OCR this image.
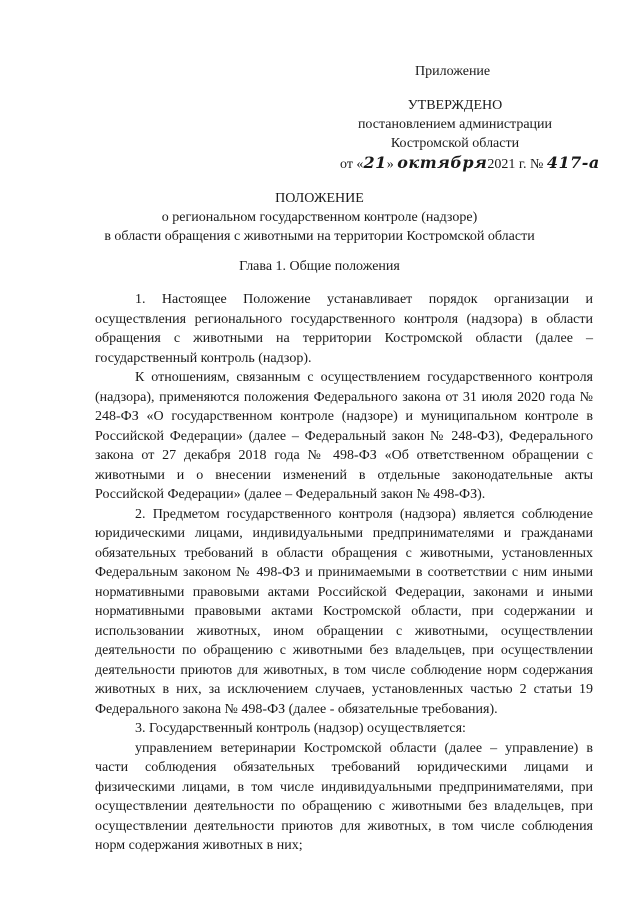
Приложение
УТВЕРЖДЕНО
постановлением администрации
Костромской области
от «21» октября2021 г. № 417-а
ПОЛОЖЕНИЕ
о региональном государственном контроле (надзоре)
в области обращения с животными на территории Костромской области
Глава 1. Общие положения

1. Настоящее Положение устанавливает порядок организации и осуществления регионального государственного контроля (надзора) в области обращения с животными на территории Костромской области (далее – государственный контроль (надзор).

К отношениям, связанным с осуществлением государственного контроля (надзора), применяются положения Федерального закона от 31 июля 2020 года № 248-ФЗ «О государственном контроле (надзоре) и муниципальном контроле в Российской Федерации» (далее – Федеральный закон № 248-ФЗ), Федерального закона от 27 декабря 2018 года № 498-ФЗ «Об ответственном обращении с животными и о внесении изменений в отдельные законодательные акты Российской Федерации» (далее – Федеральный закон № 498-ФЗ).

2. Предметом государственного контроля (надзора) является соблюдение юридическими лицами, индивидуальными предпринимателями и гражданами обязательных требований в области обращения с животными, установленных Федеральным законом № 498-ФЗ и принимаемыми в соответствии с ним иными нормативными правовыми актами Российской Федерации, законами и иными нормативными правовыми актами Костромской области, при содержании и использовании животных, ином обращении с животными, осуществлении деятельности по обращению с животными без владельцев, при осуществлении деятельности приютов для животных, в том числе соблюдение норм содержания животных в них, за исключением случаев, установленных частью 2 статьи 19 Федерального закона № 498-ФЗ (далее - обязательные требования).

3. Государственный контроль (надзор) осуществляется:

управлением ветеринарии Костромской области (далее – управление) в части соблюдения обязательных требований юридическими лицами и физическими лицами, в том числе индивидуальными предпринимателями, при осуществлении деятельности по обращению с животными без владельцев, при осуществлении деятельности приютов для животных, в том числе соблюдения норм содержания животных в них;
